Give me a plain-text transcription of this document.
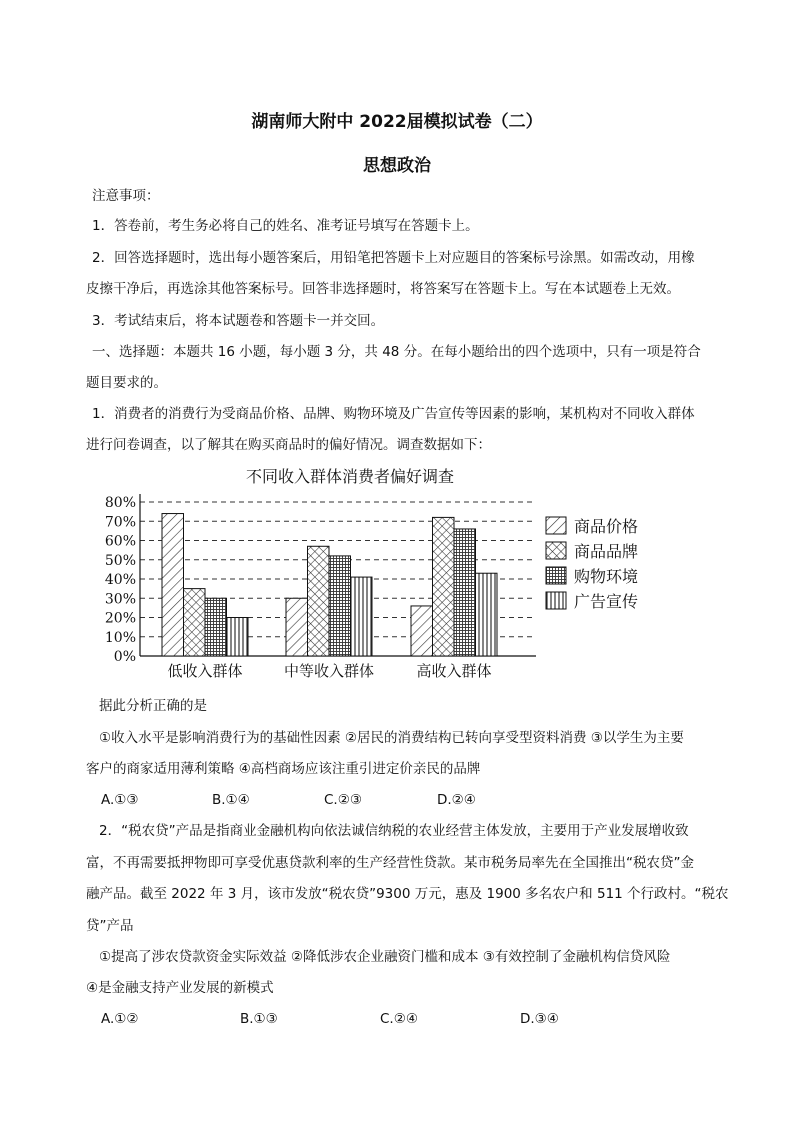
湖南师大附中 2022届模拟试卷（二）
思想政治
注意事项：
1．答卷前，考生务必将自己的姓名、准考证号填写在答题卡上。
2．回答选择题时，选出每小题答案后，用铅笔把答题卡上对应题目的答案标号涂黑。如需改动，用橡
皮擦干净后，再选涂其他答案标号。回答非选择题时，将答案写在答题卡上。写在本试题卷上无效。
3．考试结束后，将本试题卷和答题卡一并交回。
一、选择题：本题共 16 小题，每小题 3 分，共 48 分。在每小题给出的四个选项中，只有一项是符合
题目要求的。
1．消费者的消费行为受商品价格、品牌、购物环境及广告宣传等因素的影响，某机构对不同收入群体
进行问卷调查，以了解其在购买商品时的偏好情况。调查数据如下：
不同收入群体消费者偏好调查
0%
10%
20%
30%
40%
50%
60%
70%
80%
低收入群体	中等收入群体	高收入群体
商品价格
商品品牌
购物环境
广告宣传
据此分析正确的是
①收入水平是影响消费行为的基础性因素 ②居民的消费结构已转向享受型资料消费 ③以学生为主要
客户的商家适用薄利策略 ④高档商场应该注重引进定价亲民的品牌
A.①③	B.①④	C.②③	D.②④
2．“税农贷”产品是指商业金融机构向依法诚信纳税的农业经营主体发放，主要用于产业发展增收致
富，不再需要抵押物即可享受优惠贷款利率的生产经营性贷款。某市税务局率先在全国推出“税农贷”金
融产品。截至 2022 年 3 月，该市发放“税农贷”9300 万元，惠及 1900 多名农户和 511 个行政村。“税农
贷”产品
①提高了涉农贷款资金实际效益 ②降低涉农企业融资门槛和成本 ③有效控制了金融机构信贷风险
④是金融支持产业发展的新模式
A.①②	B.①③	C.②④	D.③④
